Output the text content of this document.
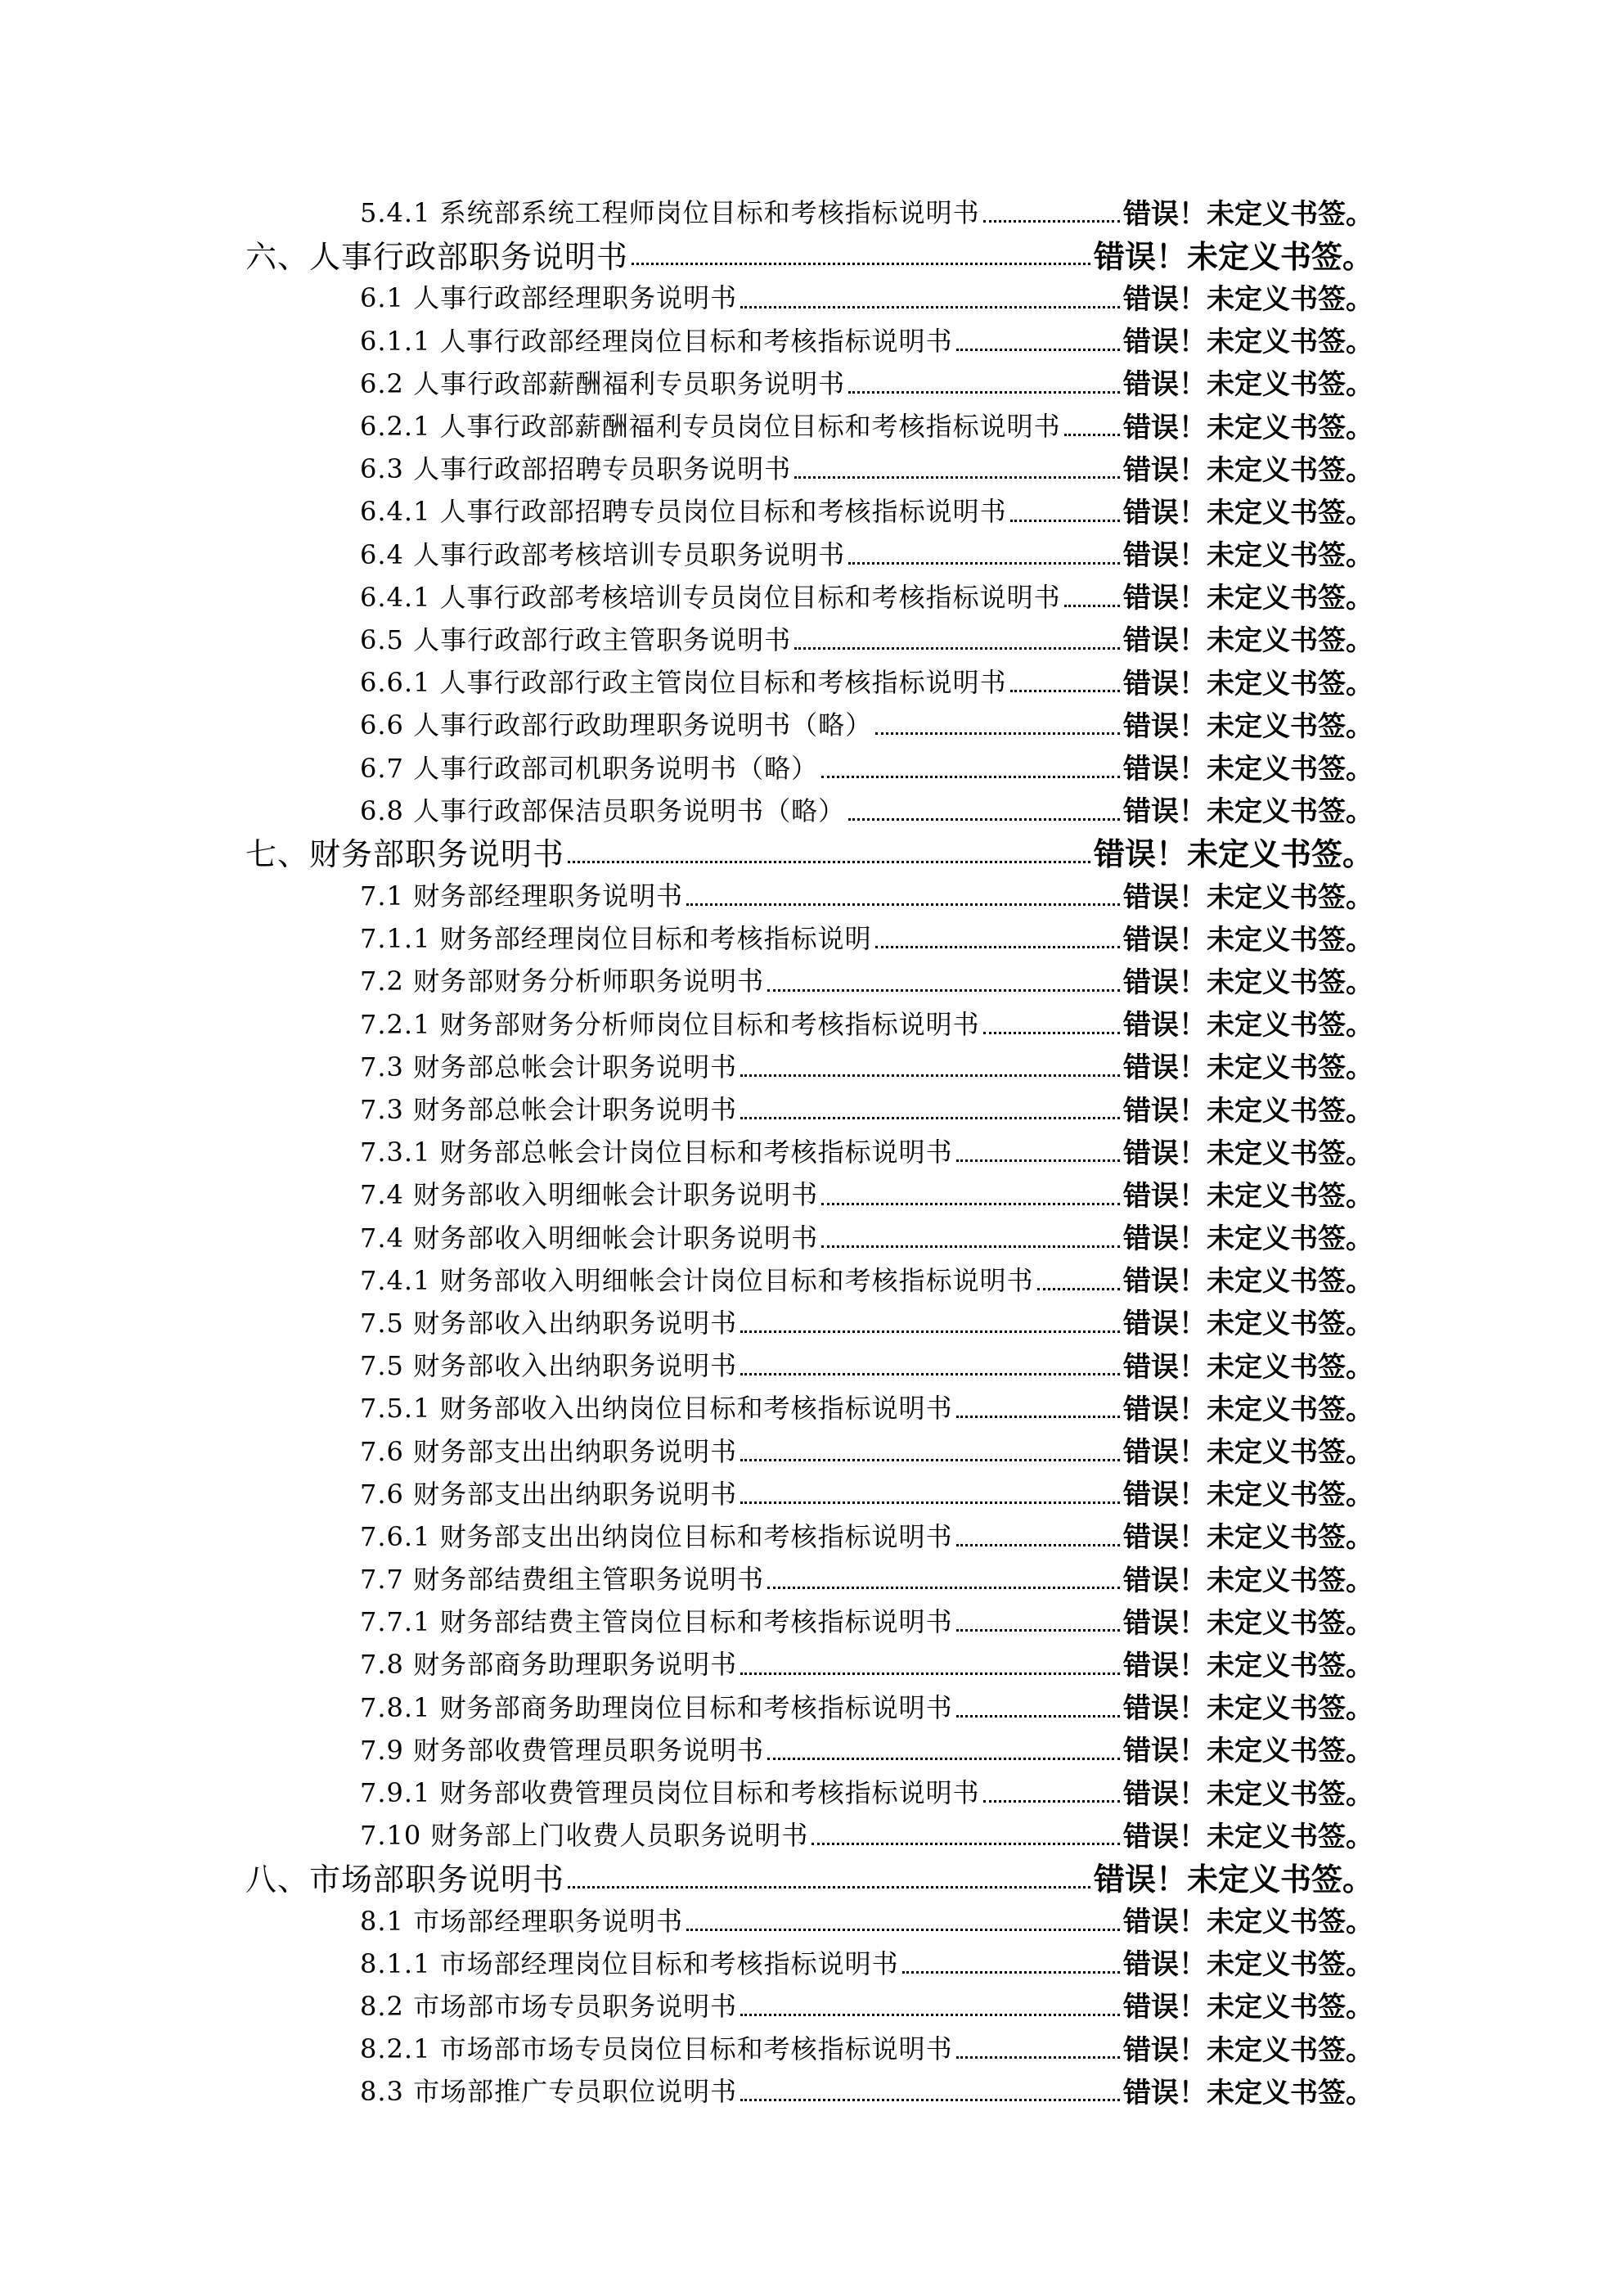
5.4.1 系统部系统工程师岗位目标和考核指标说明书	错误！未定义书签。
六、人事行政部职务说明书	错误！未定义书签。
6.1 人事行政部经理职务说明书	错误！未定义书签。
6.1.1 人事行政部经理岗位目标和考核指标说明书	错误！未定义书签。
6.2 人事行政部薪酬福利专员职务说明书	错误！未定义书签。
6.2.1 人事行政部薪酬福利专员岗位目标和考核指标说明书 错误！未定义书签。
6.3 人事行政部招聘专员职务说明书	错误！未定义书签。
6.4.1 人事行政部招聘专员岗位目标和考核指标说明书	错误！未定义书签。
6.4 人事行政部考核培训专员职务说明书	错误！未定义书签。
6.4.1 人事行政部考核培训专员岗位目标和考核指标说明书 错误！未定义书签。
6.5 人事行政部行政主管职务说明书	错误！未定义书签。
6.6.1 人事行政部行政主管岗位目标和考核指标说明书	错误！未定义书签。
6.6 人事行政部行政助理职务说明书（略）	错误！未定义书签。
6.7 人事行政部司机职务说明书（略）	错误！未定义书签。
6.8 人事行政部保洁员职务说明书（略）	错误！未定义书签。
七、财务部职务说明书	错误！未定义书签。
7.1 财务部经理职务说明书	错误！未定义书签。
7.1.1 财务部经理岗位目标和考核指标说明	错误！未定义书签。
7.2 财务部财务分析师职务说明书	错误！未定义书签。
7.2.1 财务部财务分析师岗位目标和考核指标说明书	错误！未定义书签。
7.3 财务部总帐会计职务说明书	错误！未定义书签。
7.3 财务部总帐会计职务说明书	错误！未定义书签。
7.3.1 财务部总帐会计岗位目标和考核指标说明书	错误！未定义书签。
7.4 财务部收入明细帐会计职务说明书	错误！未定义书签。
7.4 财务部收入明细帐会计职务说明书	错误！未定义书签。
7.4.1 财务部收入明细帐会计岗位目标和考核指标说明书	错误！未定义书签。
7.5 财务部收入出纳职务说明书	错误！未定义书签。
7.5 财务部收入出纳职务说明书	错误！未定义书签。
7.5.1 财务部收入出纳岗位目标和考核指标说明书	错误！未定义书签。
7.6 财务部支出出纳职务说明书	错误！未定义书签。
7.6 财务部支出出纳职务说明书	错误！未定义书签。
7.6.1 财务部支出出纳岗位目标和考核指标说明书	错误！未定义书签。
7.7 财务部结费组主管职务说明书	错误！未定义书签。
7.7.1 财务部结费主管岗位目标和考核指标说明书	错误！未定义书签。
7.8 财务部商务助理职务说明书	错误！未定义书签。
7.8.1 财务部商务助理岗位目标和考核指标说明书	错误！未定义书签。
7.9 财务部收费管理员职务说明书	错误！未定义书签。
7.9.1 财务部收费管理员岗位目标和考核指标说明书	错误！未定义书签。
7.10 财务部上门收费人员职务说明书	错误！未定义书签。
八、市场部职务说明书	错误！未定义书签。
8.1 市场部经理职务说明书	错误！未定义书签。
8.1.1 市场部经理岗位目标和考核指标说明书	错误！未定义书签。
8.2 市场部市场专员职务说明书	错误！未定义书签。
8.2.1 市场部市场专员岗位目标和考核指标说明书	错误！未定义书签。
8.3 市场部推广专员职位说明书	错误！未定义书签。
